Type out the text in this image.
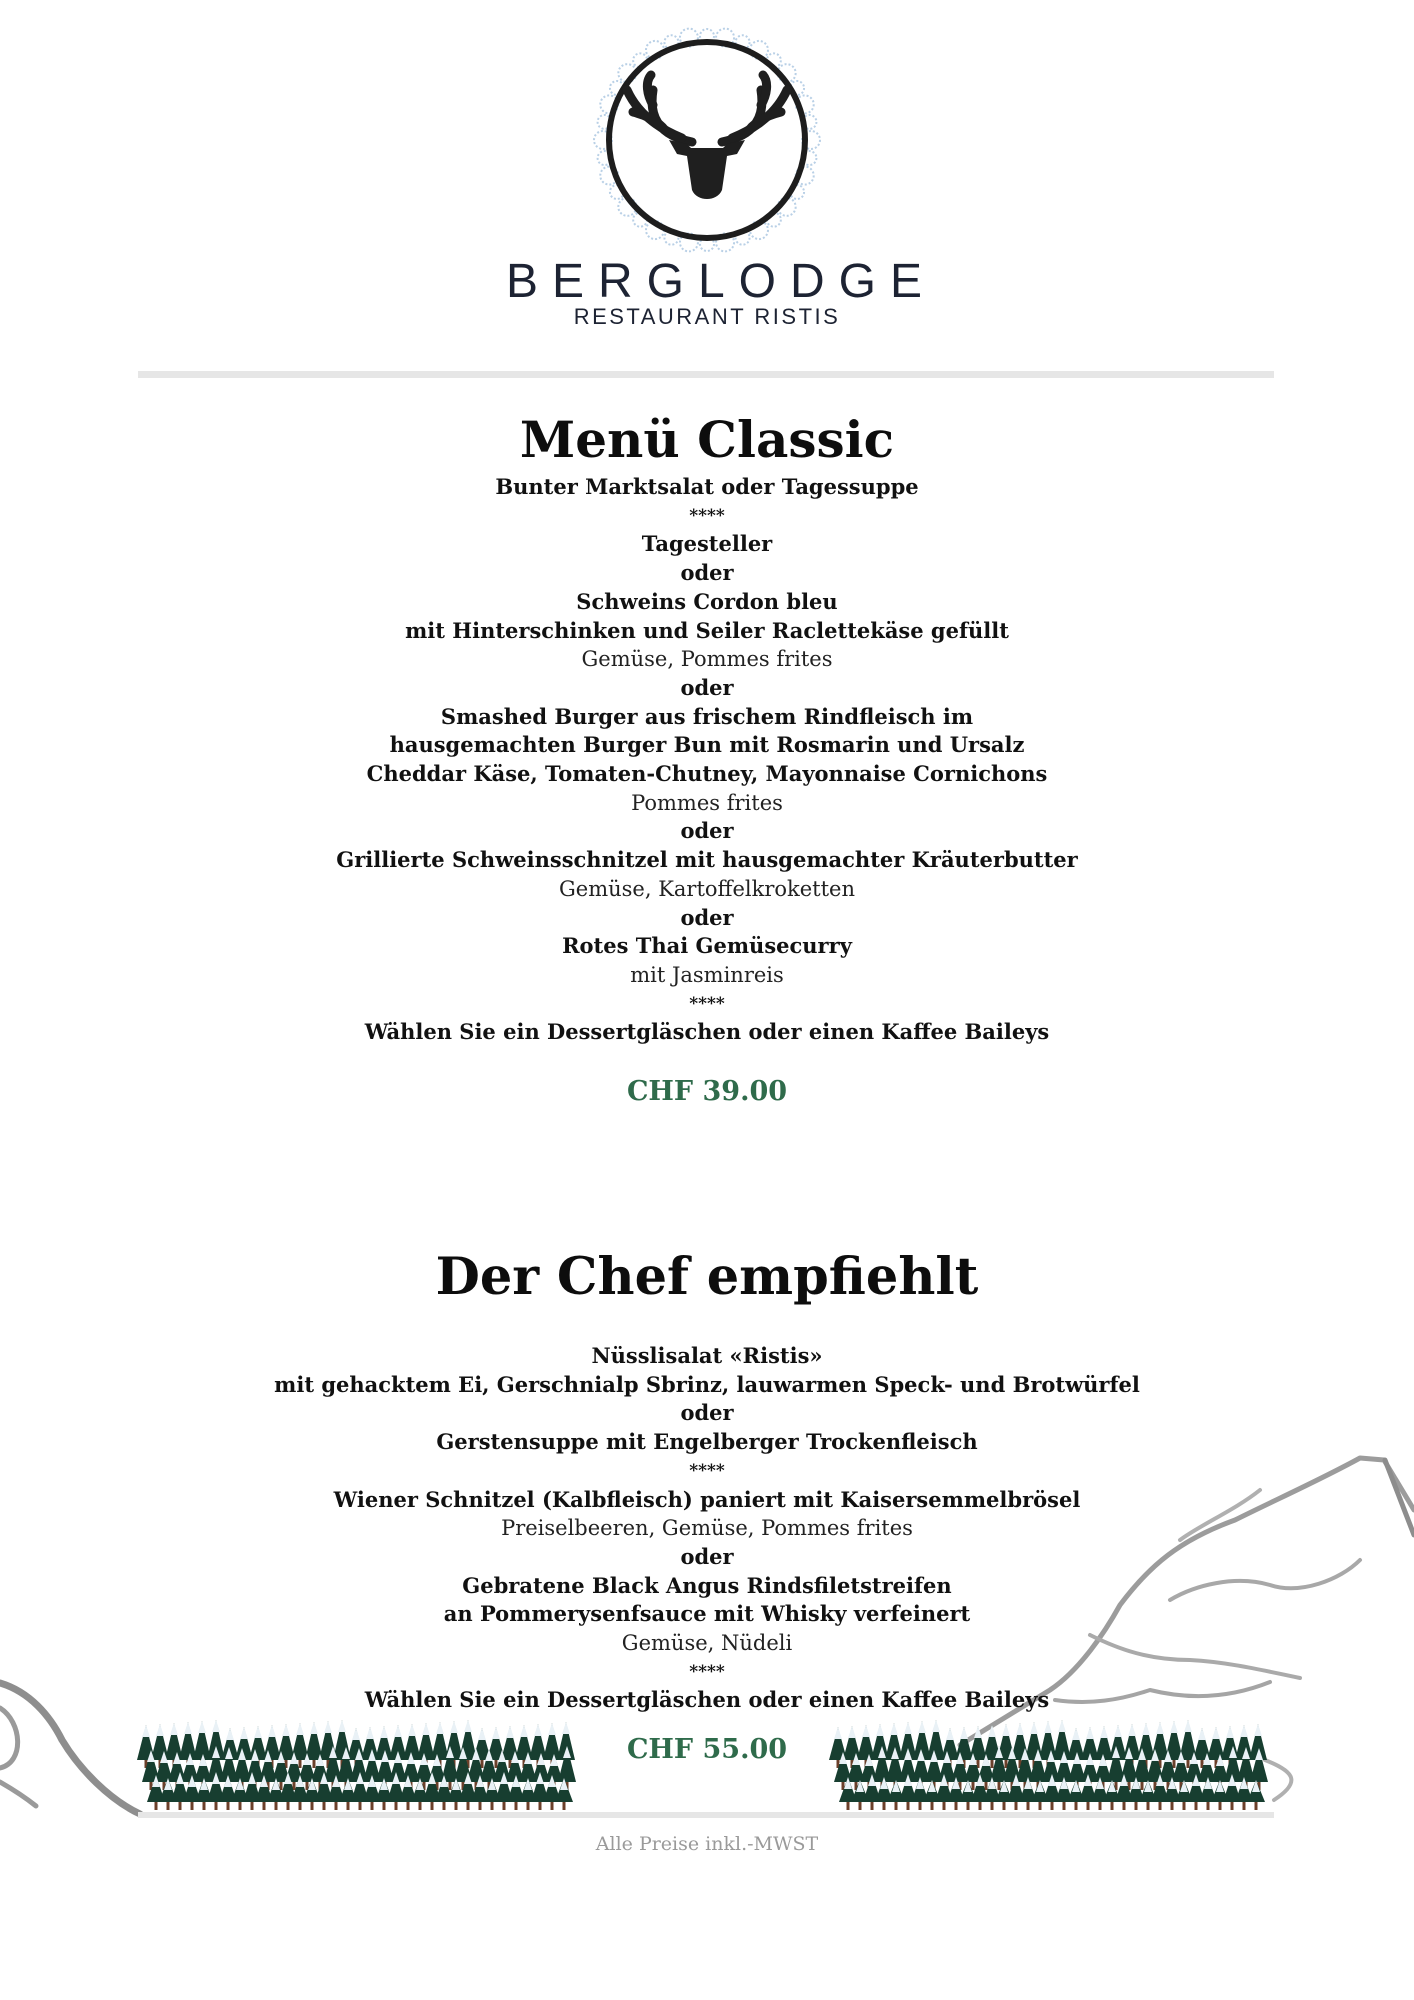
BERGLODGE
RESTAURANT RISTIS
Menü Classic
Bunter Marktsalat oder Tagessuppe
****
Tagesteller
oder
Schweins Cordon bleu
mit Hinterschinken und Seiler Raclettekäse gefüllt
Gemüse, Pommes frites
oder
Smashed Burger aus frischem Rindfleisch im
hausgemachten Burger Bun mit Rosmarin und Ursalz
Cheddar Käse, Tomaten-Chutney, Mayonnaise Cornichons
Pommes frites
oder
Grillierte Schweinsschnitzel mit hausgemachter Kräuterbutter
Gemüse, Kartoffelkroketten
oder
Rotes Thai Gemüsecurry
mit Jasminreis
****
Wählen Sie ein Dessertgläschen oder einen Kaffee Baileys
CHF 39.00
Der Chef empfiehlt
Nüsslisalat «Ristis»
mit gehacktem Ei, Gerschnialp Sbrinz, lauwarmen Speck- und Brotwürfel
oder
Gerstensuppe mit Engelberger Trockenfleisch
****
Wiener Schnitzel (Kalbfleisch) paniert mit Kaisersemmelbrösel
Preiselbeeren, Gemüse, Pommes frites
oder
Gebratene Black Angus Rindsfiletstreifen
an Pommerysenfsauce mit Whisky verfeinert
Gemüse, Nüdeli
****
Wählen Sie ein Dessertgläschen oder einen Kaffee Baileys
CHF 55.00
Alle Preise inkl.-MWST
